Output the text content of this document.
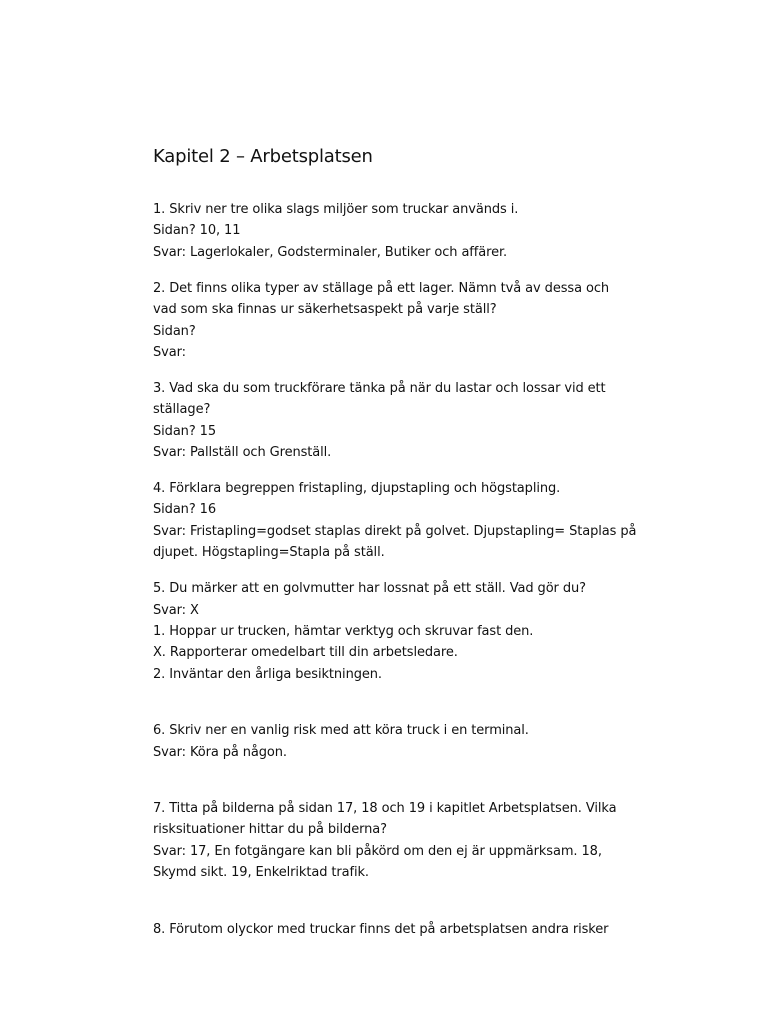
Kapitel 2 – Arbetsplatsen
1. Skriv ner tre olika slags miljöer som truckar används i.
Sidan? 10, 11
Svar: Lagerlokaler, Godsterminaler, Butiker och affärer.
2. Det finns olika typer av ställage på ett lager. Nämn två av dessa och
vad som ska finnas ur säkerhetsaspekt på varje ställ?
Sidan?
Svar:
3. Vad ska du som truckförare tänka på när du lastar och lossar vid ett
ställage?
Sidan? 15
Svar: Pallställ och Grenställ.
4. Förklara begreppen fristapling, djupstapling och högstapling.
Sidan? 16
Svar: Fristapling=godset staplas direkt på golvet. Djupstapling= Staplas på
djupet. Högstapling=Stapla på ställ.
5. Du märker att en golvmutter har lossnat på ett ställ. Vad gör du?
Svar: X
1. Hoppar ur trucken, hämtar verktyg och skruvar fast den.
X. Rapporterar omedelbart till din arbetsledare.
2. Inväntar den årliga besiktningen.
6. Skriv ner en vanlig risk med att köra truck i en terminal.
Svar: Köra på någon.
7. Titta på bilderna på sidan 17, 18 och 19 i kapitlet Arbetsplatsen. Vilka
risksituationer hittar du på bilderna?
Svar: 17, En fotgängare kan bli påkörd om den ej är uppmärksam. 18,
Skymd sikt. 19, Enkelriktad trafik.
8. Förutom olyckor med truckar finns det på arbetsplatsen andra risker
